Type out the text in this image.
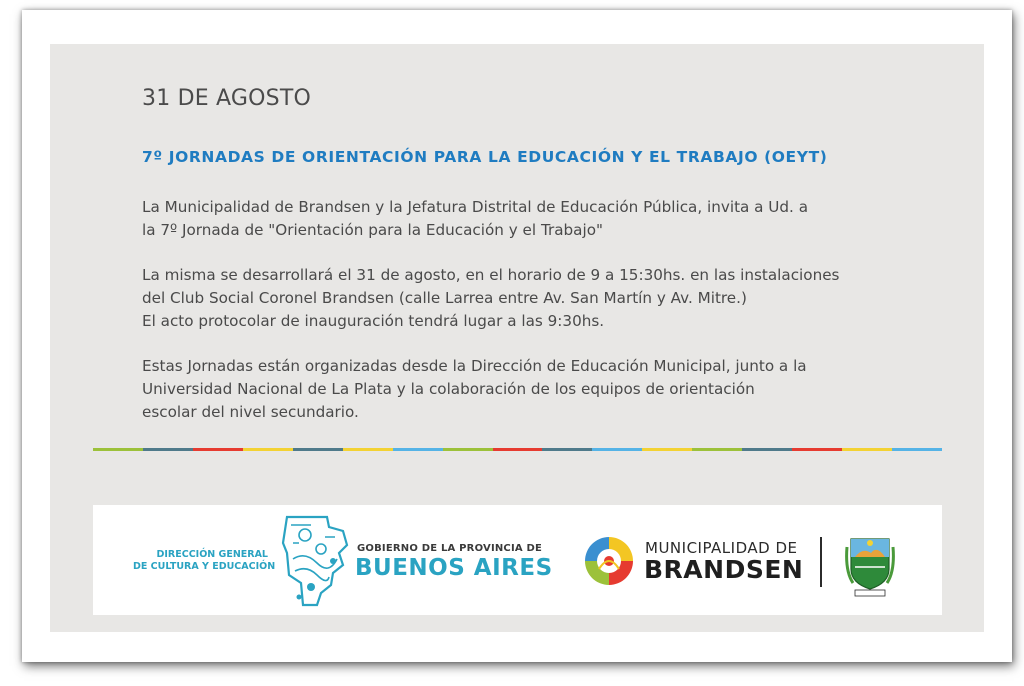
31 DE AGOSTO
7º JORNADAS DE ORIENTACIÓN PARA LA EDUCACIÓN Y EL TRABAJO (OEYT)
La Municipalidad de Brandsen y la Jefatura Distrital de Educación Pública, invita a Ud. a
la 7º Jornada de "Orientación para la Educación y el Trabajo"
La misma se desarrollará el 31 de agosto, en el horario de 9 a 15:30hs. en las instalaciones
del Club Social Coronel Brandsen (calle Larrea entre Av. San Martín y Av. Mitre.)
El acto protocolar de inauguración tendrá lugar a las 9:30hs.
Estas Jornadas están organizadas desde la Dirección de Educación Municipal, junto a la
Universidad Nacional de La Plata y la colaboración de los equipos de orientación
escolar del nivel secundario.
DIRECCIÓN GENERAL
DE CULTURA Y EDUCACIÓN
GOBIERNO DE LA PROVINCIA DE
BUENOS AIRES
MUNICIPALIDAD DE
BRANDSEN
